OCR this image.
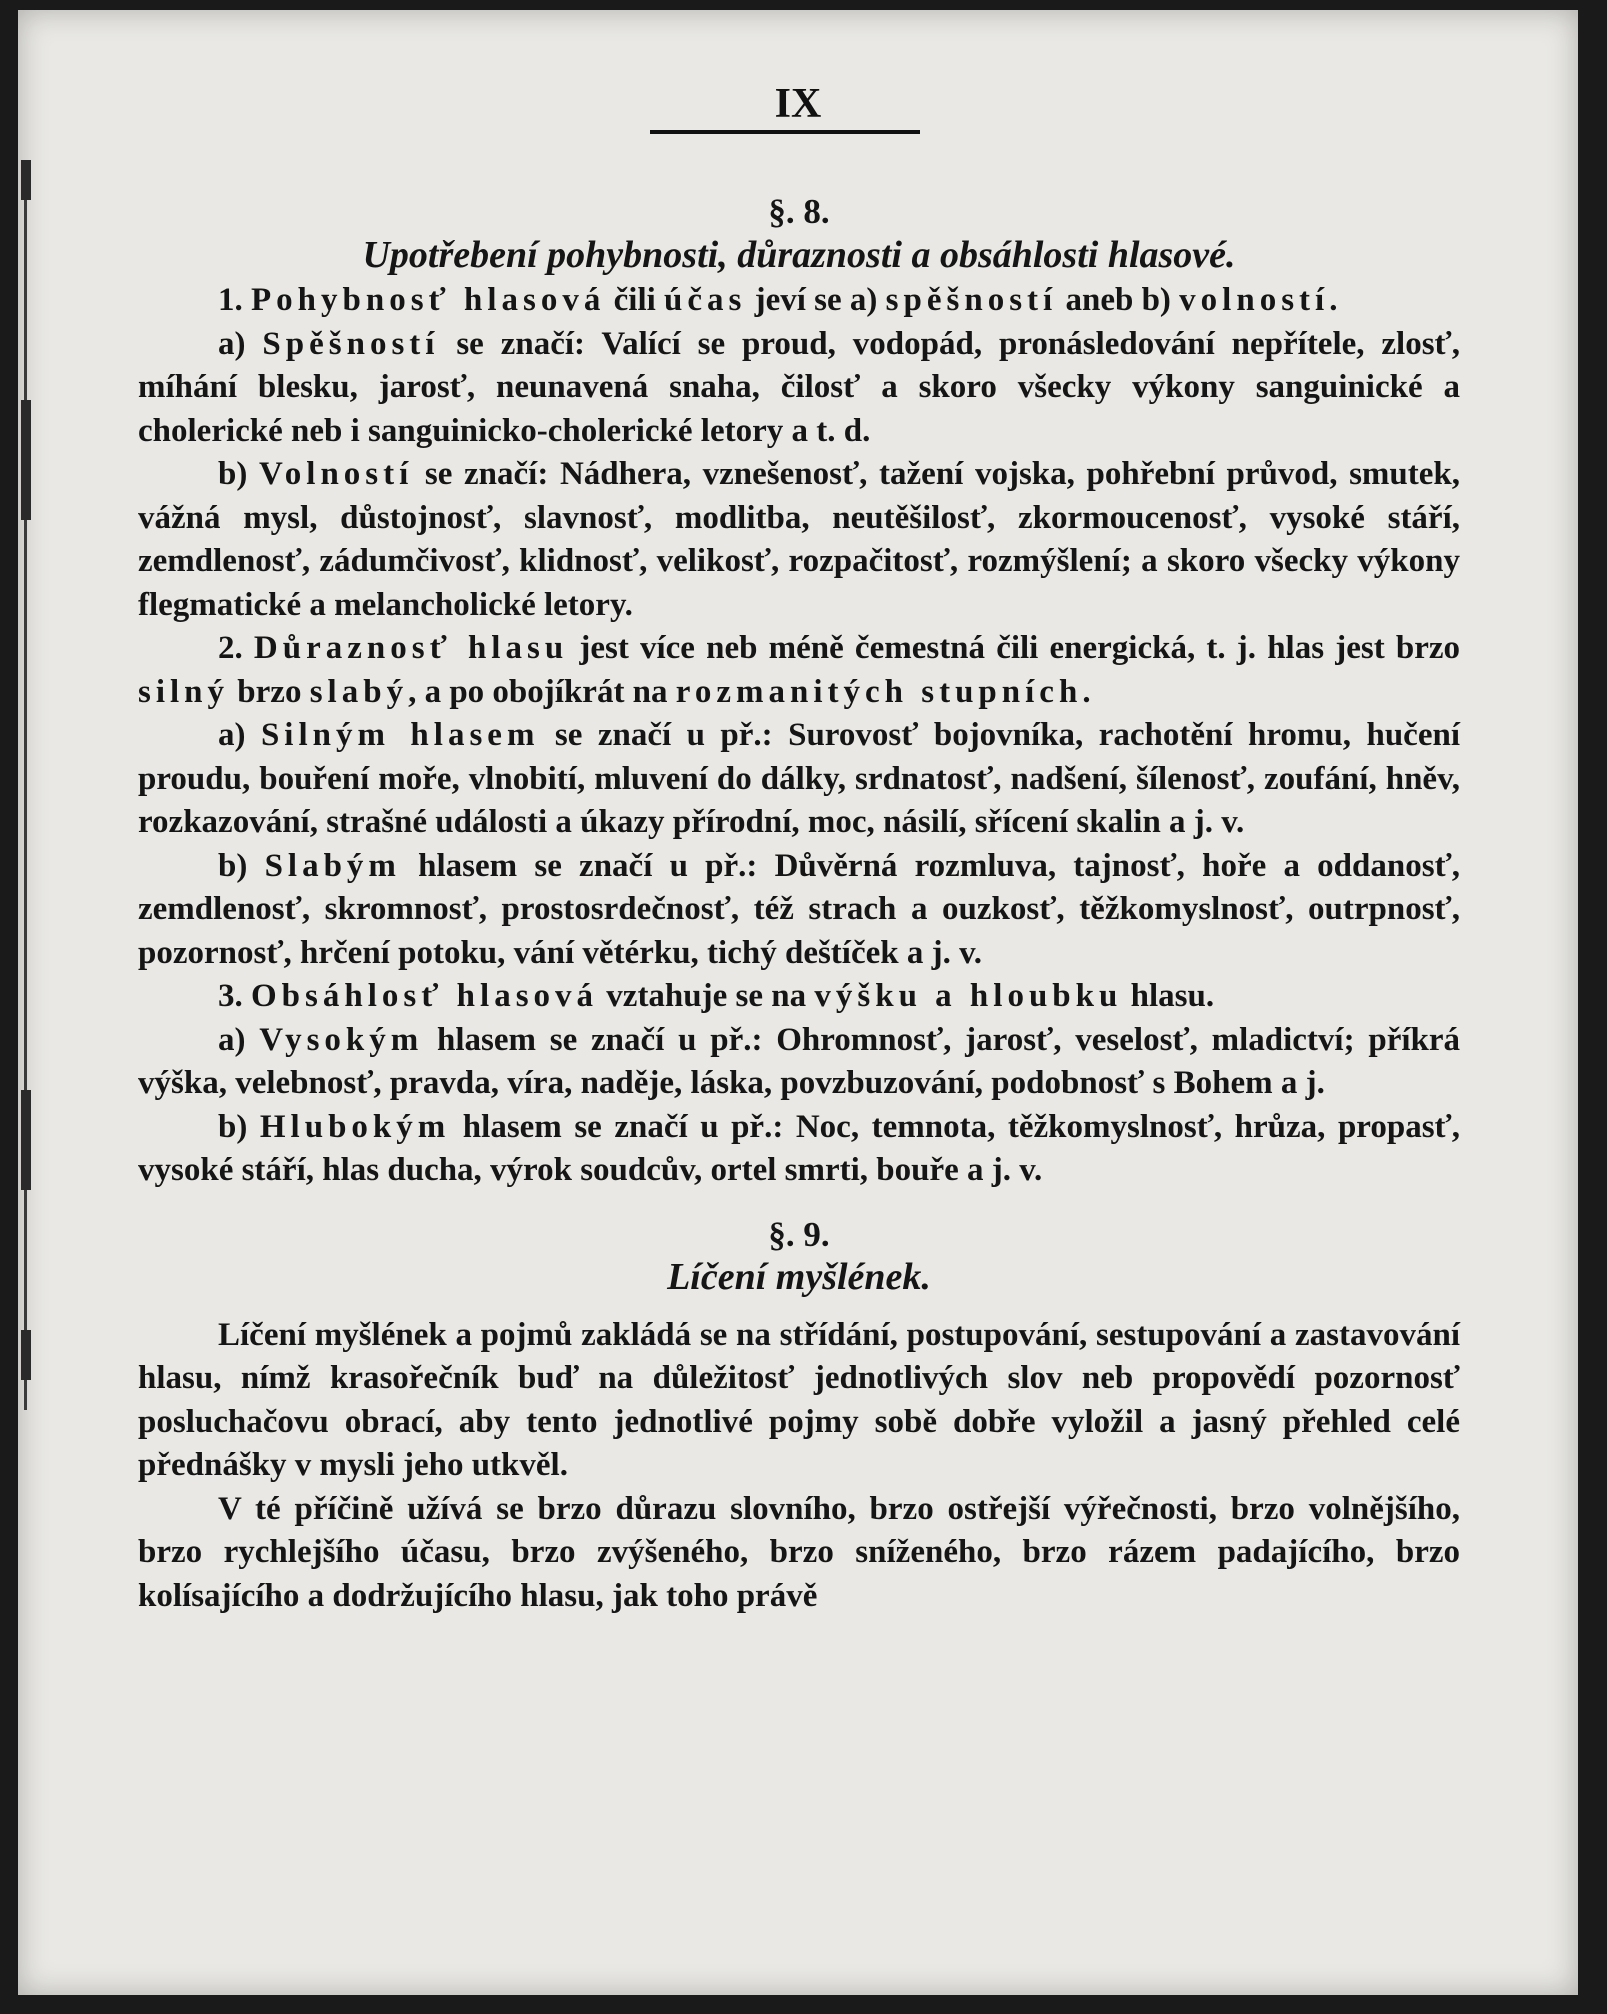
IX
§. 8.
Upotřebení pohybnosti, důraznosti a obsáhlosti hlasové.

1. Pohybnosť hlasová čili účas jeví se a) spěšností aneb b) volností.

a) Spěšností se značí: Valící se proud, vodopád, pronásledování nepřítele, zlosť, míhání blesku, jarosť, neunavená snaha, čilosť a skoro všecky výkony sanguinické a cholerické neb i sanguinicko-cholerické letory a t. d.

b) Volností se značí: Nádhera, vznešenosť, tažení vojska, pohřební průvod, smutek, vážná mysl, důstojnosť, slavnosť, modlitba, neutěšilosť, zkormoucenosť, vysoké stáří, zemdlenosť, zádumčivosť, klidnosť, velikosť, rozpačitosť, rozmýšlení; a skoro všecky výkony flegmatické a melancholické letory.

2. Důraznosť hlasu jest více neb méně čemestná čili energická, t. j. hlas jest brzo silný brzo slabý, a po obojíkrát na rozmanitých stupních.

a) Silným hlasem se značí u př.: Surovosť bojovníka, rachotění hromu, hučení proudu, bouření moře, vlnobití, mluvení do dálky, srdnatosť, nadšení, šílenosť, zoufání, hněv, rozkazování, strašné události a úkazy přírodní, moc, násilí, sřícení skalin a j. v.

b) Slabým hlasem se značí u př.: Důvěrná rozmluva, tajnosť, hoře a oddanosť, zemdlenosť, skromnosť, prostosrdečnosť, též strach a ouzkosť, těžkomyslnosť, outrpnosť, pozornosť, hrčení potoku, vání větérku, tichý deštíček a j. v.

3. Obsáhlosť hlasová vztahuje se na výšku a hloubku hlasu.

a) Vysokým hlasem se značí u př.: Ohromnosť, jarosť, veselosť, mladictví; příkrá výška, velebnosť, pravda, víra, naděje, láska, povzbuzování, podobnosť s Bohem a j.

b) Hlubokým hlasem se značí u př.: Noc, temnota, těžkomyslnosť, hrůza, propasť, vysoké stáří, hlas ducha, výrok soudcův, ortel smrti, bouře a j. v.

§. 9.
Líčení myšlének.

Líčení myšlének a pojmů zakládá se na střídání, postupování, sestupování a zastavování hlasu, nímž krasořečník buď na důležitosť jednotlivých slov neb propovědí pozornosť posluchačovu obrací, aby tento jednotlivé pojmy sobě dobře vyložil a jasný přehled celé přednášky v mysli jeho utkvěl.

V té příčině užívá se brzo důrazu slovního, brzo ostřejší výřečnosti, brzo volnějšího, brzo rychlejšího účasu, brzo zvýšeného, brzo sníženého, brzo rázem padajícího, brzo kolísajícího a dodržujícího hlasu, jak toho právě
